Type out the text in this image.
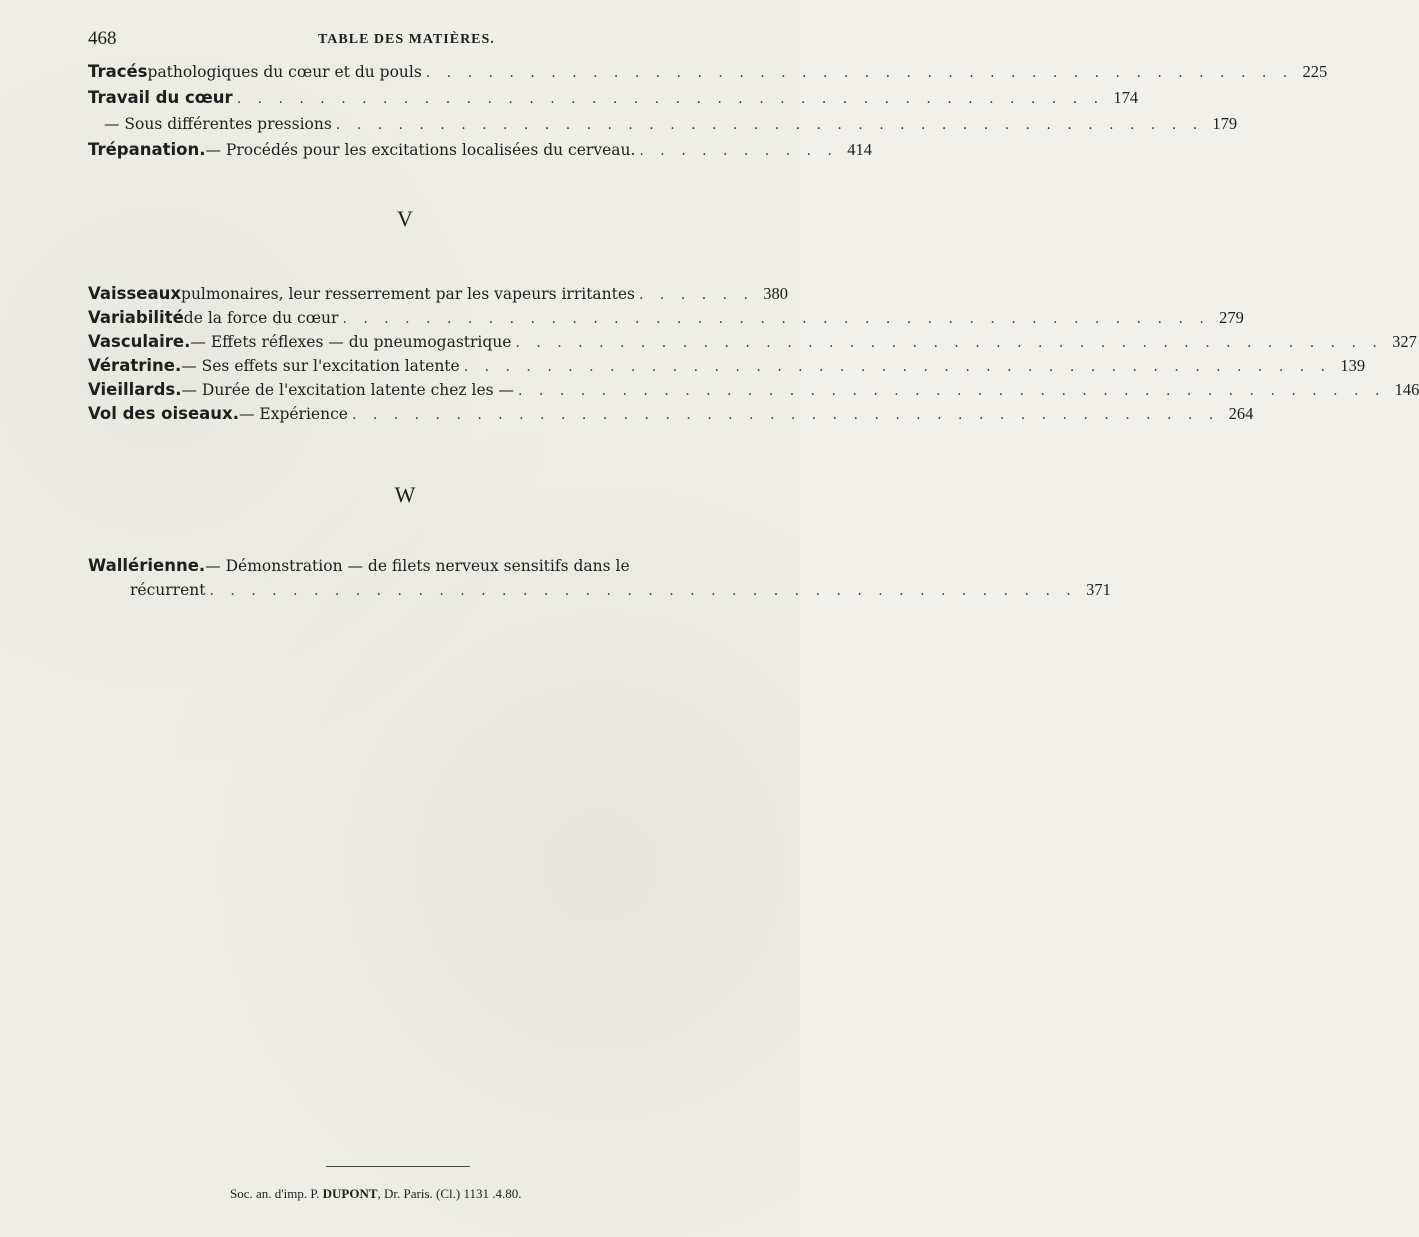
468	TABLE DES MATIÈRES.
Tracés pathologiques du cœur et du pouls . . . . . . . . . . . . . . . . . . . . . . . . . . . . . . . . . . . . . . . . . . 225
Travail du cœur . . . . . . . . . . . . . . . . . . . . . . . . . . . . . . . . . . . . . . . . . . 174
— Sous différentes pressions . . . . . . . . . . . . . . . . . . . . . . . . . . . . . . . . . . . . . . . . . . 179
Trépanation. — Procédés pour les excitations localisées du cerveau. . . . . . . . . . . 414
V
Vaisseaux pulmonaires, leur resserrement par les vapeurs irritantes . . . . . . 380
Variabilité de la force du cœur . . . . . . . . . . . . . . . . . . . . . . . . . . . . . . . . . . . . . . . . . . 279
Vasculaire. — Effets réflexes — du pneumogastrique . . . . . . . . . . . . . . . . . . . . . . . . . . . . . . . . . . . . . . . . . . 327
Vératrine. — Ses effets sur l'excitation latente . . . . . . . . . . . . . . . . . . . . . . . . . . . . . . . . . . . . . . . . . . 139
Vieillards. — Durée de l'excitation latente chez les — . . . . . . . . . . . . . . . . . . . . . . . . . . . . . . . . . . . . . . . . . . 146
Vol des oiseaux. — Expérience . . . . . . . . . . . . . . . . . . . . . . . . . . . . . . . . . . . . . . . . . . 264
W
Wallérienne. — Démonstration — de filets nerveux sensitifs dans le
récurrent . . . . . . . . . . . . . . . . . . . . . . . . . . . . . . . . . . . . . . . . . . 371
Soc. an. d'imp. P. DUPONT, Dr. Paris. (Cl.) 1131 .4.80.
